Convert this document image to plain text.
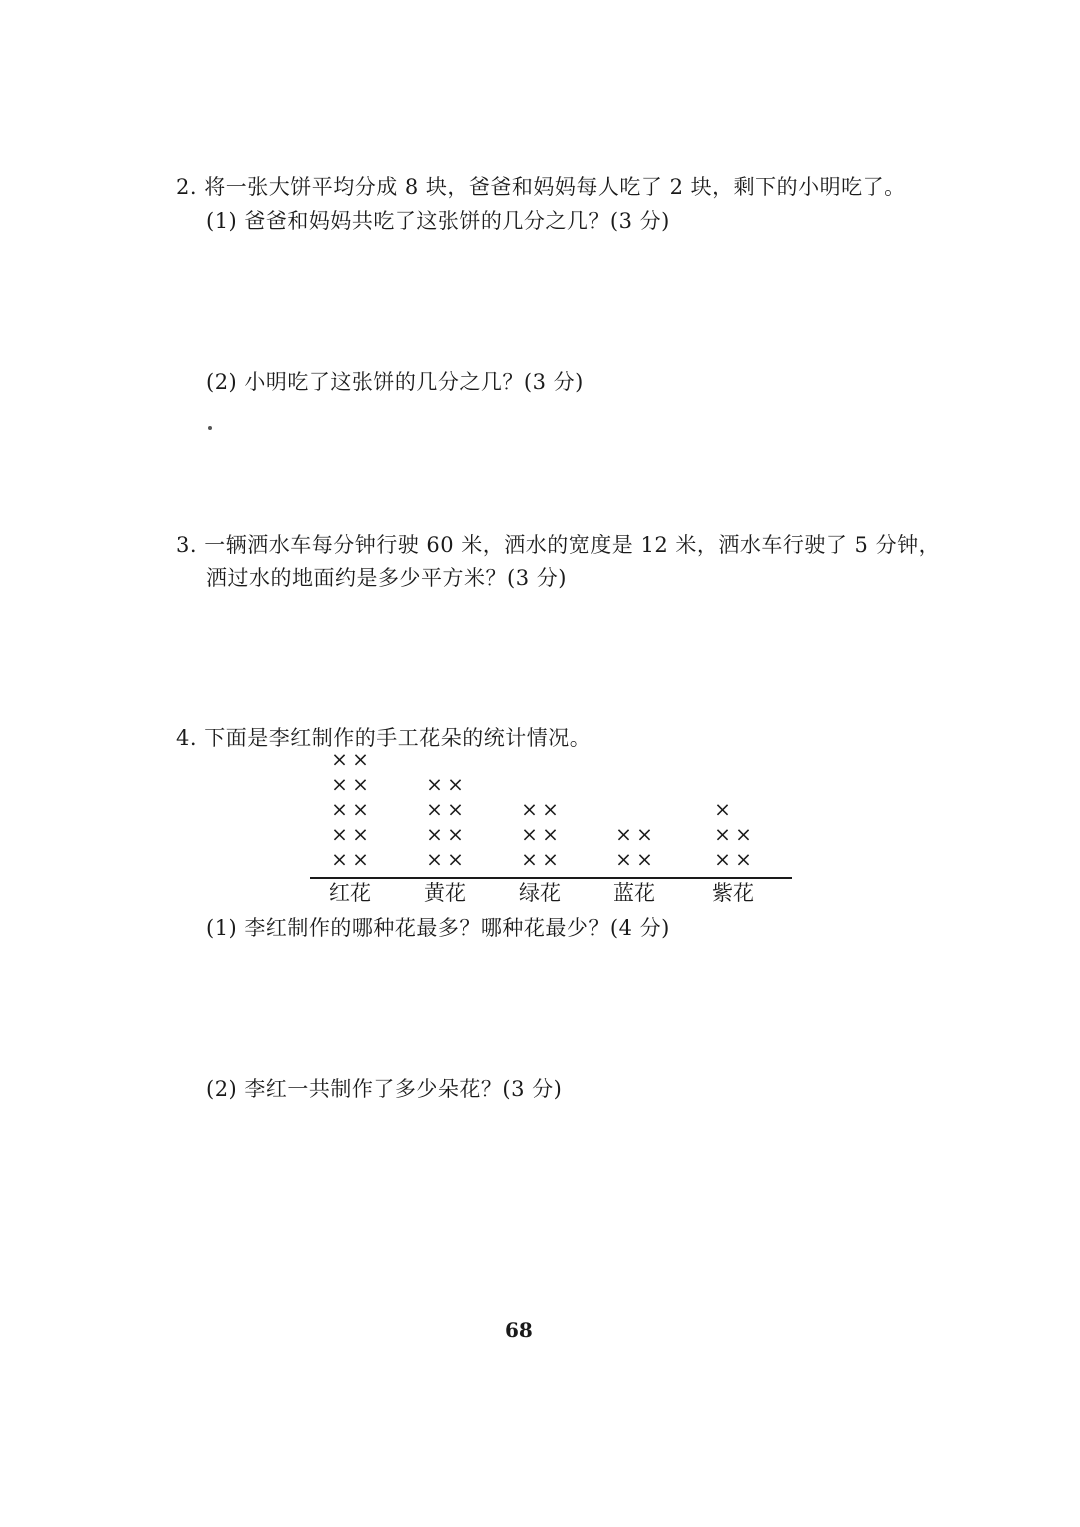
2. 将一张大饼平均分成 8 块，爸爸和妈妈每人吃了 2 块，剩下的小明吃了。
(1) 爸爸和妈妈共吃了这张饼的几分之几？(3 分)
(2) 小明吃了这张饼的几分之几？(3 分)
3. 一辆洒水车每分钟行驶 60 米，洒水的宽度是 12 米，洒水车行驶了 5 分钟，
洒过水的地面约是多少平方米？(3 分)
4. 下面是李红制作的手工花朵的统计情况。
× ×
× ×
× ×
× ×
× ×
× ×
× ×
× ×
× ×
× ×
× ×
× ×
× ×
× ×
× ×
× ×
×
红花	黄花	绿花 蓝花	紫花
(1) 李红制作的哪种花最多？哪种花最少？(4 分)
(2) 李红一共制作了多少朵花？(3 分)
68
